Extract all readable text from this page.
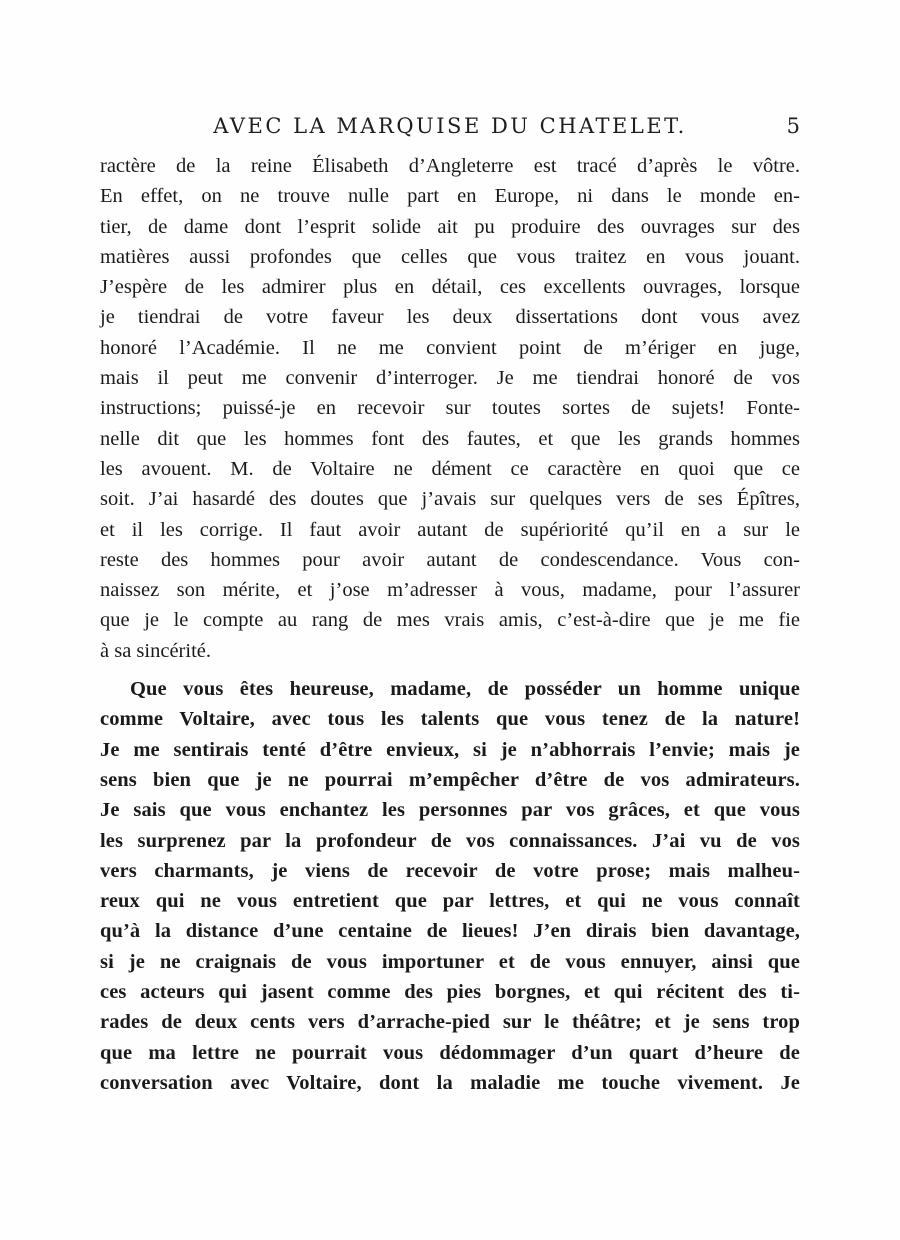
AVEC LA MARQUISE DU CHATELET.	5
ractère de la reine Élisabeth d’Angleterre est tracé d’après le vôtre.
En effet, on ne trouve nulle part en Europe, ni dans le monde en-
tier, de dame dont l’esprit solide ait pu produire des ouvrages sur des
matières aussi profondes que celles que vous traitez en vous jouant.
J’espère de les admirer plus en détail, ces excellents ouvrages, lorsque
je tiendrai de votre faveur les deux dissertations dont vous avez
honoré l’Académie. Il ne me convient point de m’ériger en juge,
mais il peut me convenir d’interroger. Je me tiendrai honoré de vos
instructions; puissé-je en recevoir sur toutes sortes de sujets! Fonte-
nelle dit que les hommes font des fautes, et que les grands hommes
les avouent. M. de Voltaire ne dément ce caractère en quoi que ce
soit. J’ai hasardé des doutes que j’avais sur quelques vers de ses Épîtres,
et il les corrige. Il faut avoir autant de supériorité qu’il en a sur le
reste des hommes pour avoir autant de condescendance. Vous con-
naissez son mérite, et j’ose m’adresser à vous, madame, pour l’assurer
que je le compte au rang de mes vrais amis, c’est-à-dire que je me fie
à sa sincérité.
Que vous êtes heureuse, madame, de posséder un homme unique
comme Voltaire, avec tous les talents que vous tenez de la nature!
Je me sentirais tenté d’être envieux, si je n’abhorrais l’envie; mais je
sens bien que je ne pourrai m’empêcher d’être de vos admirateurs.
Je sais que vous enchantez les personnes par vos grâces, et que vous
les surprenez par la profondeur de vos connaissances. J’ai vu de vos
vers charmants, je viens de recevoir de votre prose; mais malheu-
reux qui ne vous entretient que par lettres, et qui ne vous connaît
qu’à la distance d’une centaine de lieues! J’en dirais bien davantage,
si je ne craignais de vous importuner et de vous ennuyer, ainsi que
ces acteurs qui jasent comme des pies borgnes, et qui récitent des ti-
rades de deux cents vers d’arrache-pied sur le théâtre; et je sens trop
que ma lettre ne pourrait vous dédommager d’un quart d’heure de
conversation avec Voltaire, dont la maladie me touche vivement. Je
